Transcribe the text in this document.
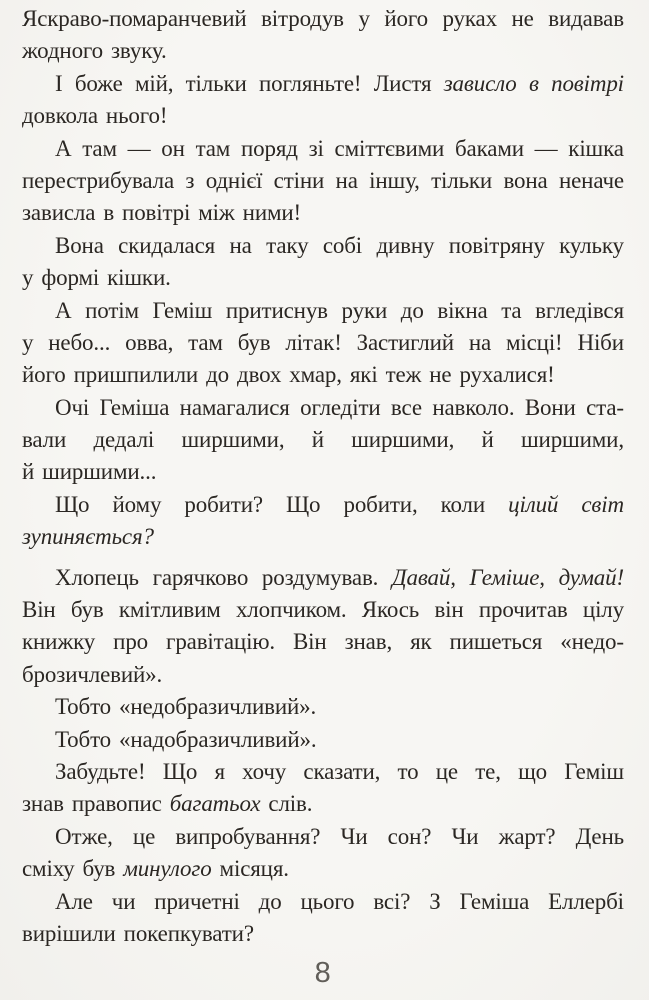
Яскраво-помаранчевий вітродув у його руках не видавав
жодного звуку.
І боже мій, тільки погляньте! Листя зависло в повітрі
довкола нього!
А там — он там поряд зі сміттєвими баками — кішка
перестрибувала з однієї стіни на іншу, тільки вона неначе
зависла в повітрі між ними!
Вона скидалася на таку собі дивну повітряну кульку
у формі кішки.
А потім Геміш притиснув руки до вікна та вгледівся
у небо... овва, там був літак! Застиглий на місці! Ніби
його пришпилили до двох хмар, які теж не рухалися!
Очі Геміша намагалися огледіти все навколо. Вони ста-
вали дедалі ширшими, й ширшими, й ширшими,
й ширшими...
Що йому робити? Що робити, коли цілий світ
зупиняється?
Хлопець гарячково роздумував. Давай, Геміше, думай!
Він був кмітливим хлопчиком. Якось він прочитав цілу
книжку про гравітацію. Він знав, як пишеться «недо-
брозичлевий».
Тобто «недобразичливий».
Тобто «надобразичливий».
Забудьте! Що я хочу сказати, то це те, що Геміш
знав правопис багатьох слів.
Отже, це випробування? Чи сон? Чи жарт? День
сміху був минулого місяця.
Але чи причетні до цього всі? З Геміша Еллербі
вирішили покепкувати?
8
